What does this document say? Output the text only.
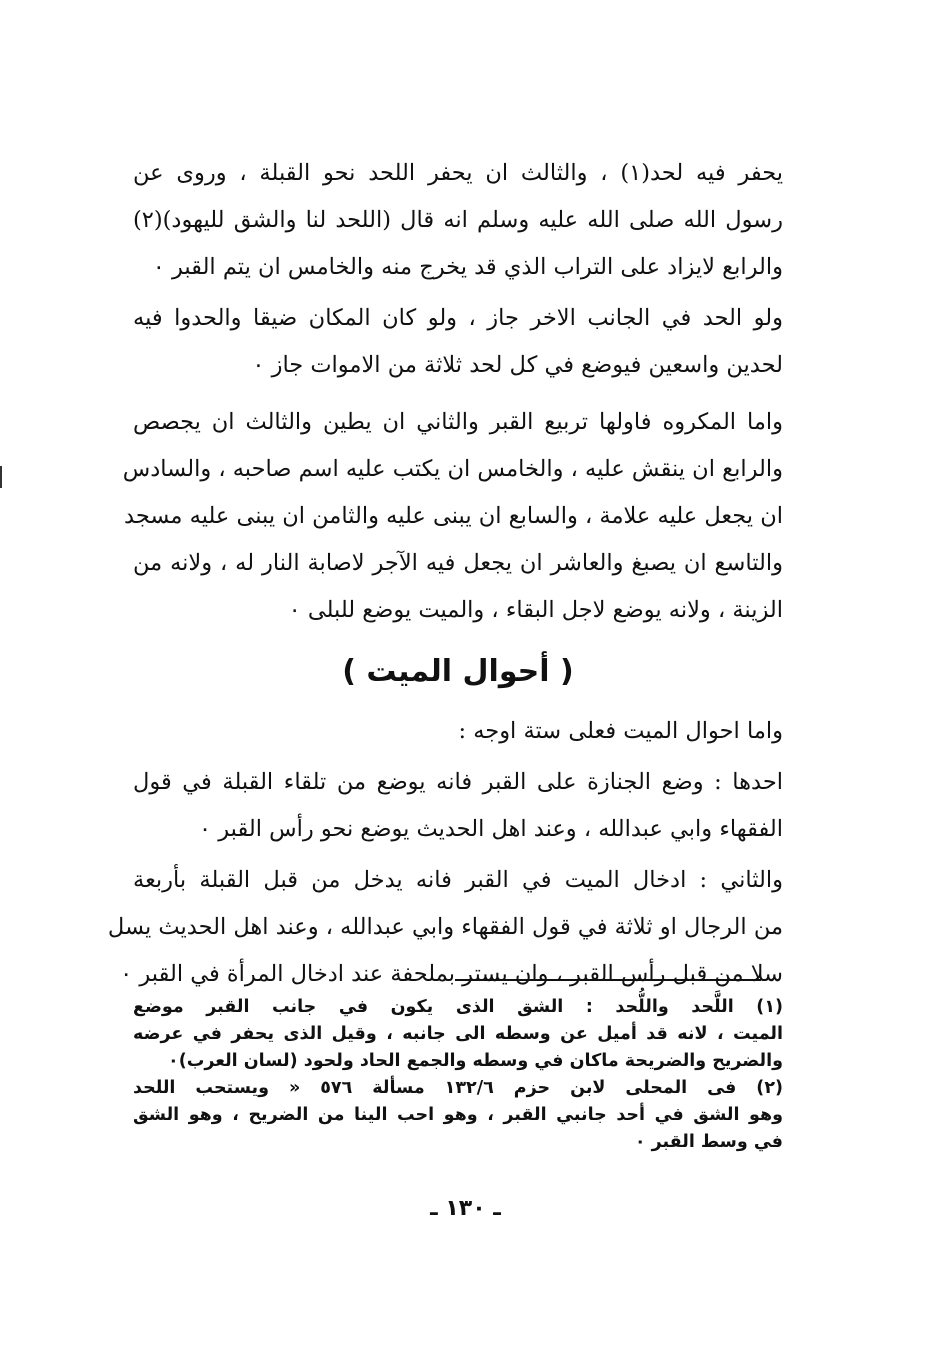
يحفر فيه لحد(١) ، والثالث ان يحفر اللحد نحو القبلة ، وروى عن
رسول الله صلى الله عليه وسلم انه قال (اللحد لنا والشق لليهود)(٢)
والرابع لايزاد على التراب الذي قد يخرج منه والخامس ان يتم القبر ٠
ولو الحد في الجانب الاخر جاز ، ولو كان المكان ضيقا والحدوا فيه
لحدين واسعين فيوضع في كل لحد ثلاثة من الاموات جاز ٠
واما المكروه فاولها تربيع القبر والثاني ان يطين والثالث ان يجصص
والرابع ان ينقش عليه ، والخامس ان يكتب عليه اسم صاحبه ، والسادس
ان يجعل عليه علامة ، والسابع ان يبنى عليه والثامن ان يبنى عليه مسجد
والتاسع ان يصبغ والعاشر ان يجعل فيه الآجر لاصابة النار له ، ولانه من
الزينة ، ولانه يوضع لاجل البقاء ، والميت يوضع للبلى ٠
( أحوال الميت )
واما احوال الميت فعلى ستة اوجه :
احدها : وضع الجنازة على القبر فانه يوضع من تلقاء القبلة في قول
الفقهاء وابي عبدالله ، وعند اهل الحديث يوضع نحو رأس القبر ٠
والثاني : ادخال الميت في القبر فانه يدخل من قبل القبلة بأربعة
من الرجال او ثلاثة في قول الفقهاء وابي عبدالله ، وعند اهل الحديث يسل
سلا من قبل رأس القبر ، وان يستر بملحفة عند ادخال المرأة في القبر ٠
(١) اللَّحد واللُّحد : الشق الذى يكون في جانب القبر موضع
الميت ، لانه قد أميل عن وسطه الى جانبه ، وقيل الذى يحفر في عرضه
والضريح والضريحة ماكان في وسطه والجمع الحاد ولحود (لسان العرب)٠
(٢) فى المحلى لابن حزم ١٣٢/٦ مسألة ٥٧٦ « ويستحب اللحد
وهو الشق في أحد جانبي القبر ، وهو احب الينا من الضريح ، وهو الشق
في وسط القبر ٠
ـ ١٣٠ ـ
